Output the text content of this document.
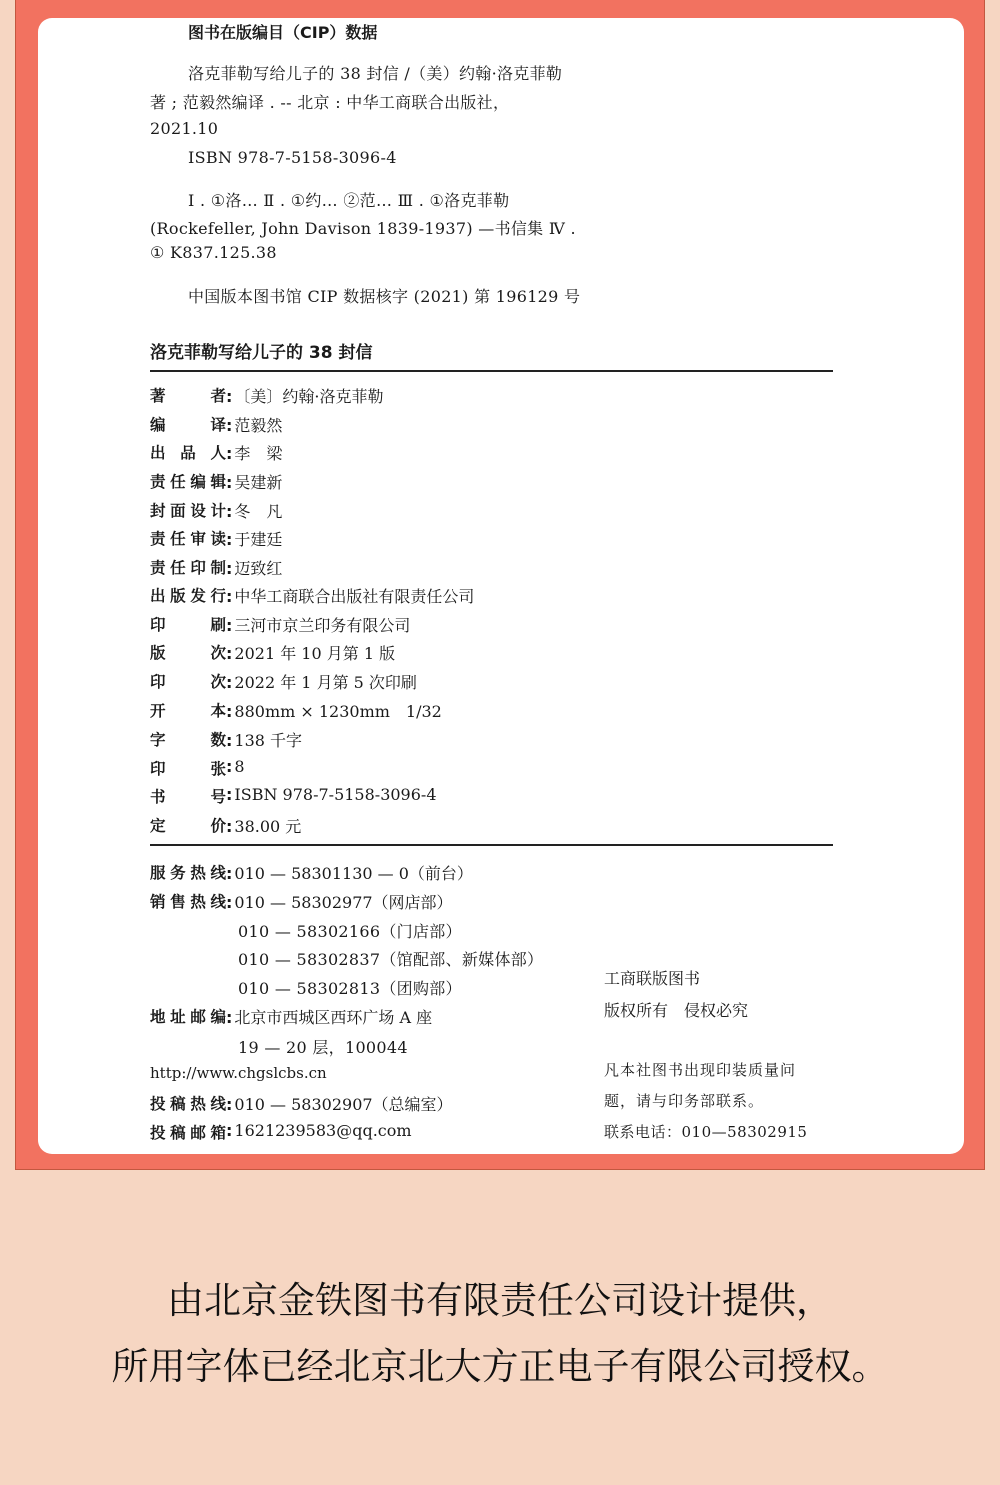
图书在版编目（CIP）数据
洛克菲勒写给儿子的 38 封信 /（美）约翰·洛克菲勒
著 ; 范毅然编译 . -- 北京 : 中华工商联合出版社，
2021.10
ISBN 978-7-5158-3096-4
Ⅰ . ①洛… Ⅱ . ①约… ②范… Ⅲ . ①洛克菲勒
(Rockefeller, John Davison 1839-1937) —书信集 Ⅳ .
① K837.125.38
中国版本图书馆 CIP 数据核字 (2021) 第 196129 号
洛克菲勒写给儿子的 38 封信
著者: 〔美〕约翰·洛克菲勒
编译: 范毅然
出品人: 李　梁
责任编辑: 吴建新
封面设计: 冬　凡
责任审读: 于建廷
责任印制: 迈致红
出版发行: 中华工商联合出版社有限责任公司
印刷: 三河市京兰印务有限公司
版次: 2021 年 10 月第 1 版
印次: 2022 年 1 月第 5 次印刷
开本: 880mm × 1230mm　1/32
字数: 138 千字
印张: 8
书号: ISBN 978-7-5158-3096-4
定价: 38.00 元
服务热线: 010 — 58301130 — 0（前台）
销售热线: 010 — 58302977（网店部）
010 — 58302166（门店部）
010 — 58302837（馆配部、新媒体部）
010 — 58302813（团购部）
地址邮编: 北京市西城区西环广场 A 座
19 — 20 层，100044
http://www.chgslcbs.cn
投稿热线: 010 — 58302907（总编室）
投稿邮箱: 1621239583@qq.com
工商联版图书
版权所有　侵权必究
凡本社图书出现印装质量问
题，请与印务部联系。
联系电话：010—58302915
由北京金铁图书有限责任公司设计提供，
所用字体已经北京北大方正电子有限公司授权。
